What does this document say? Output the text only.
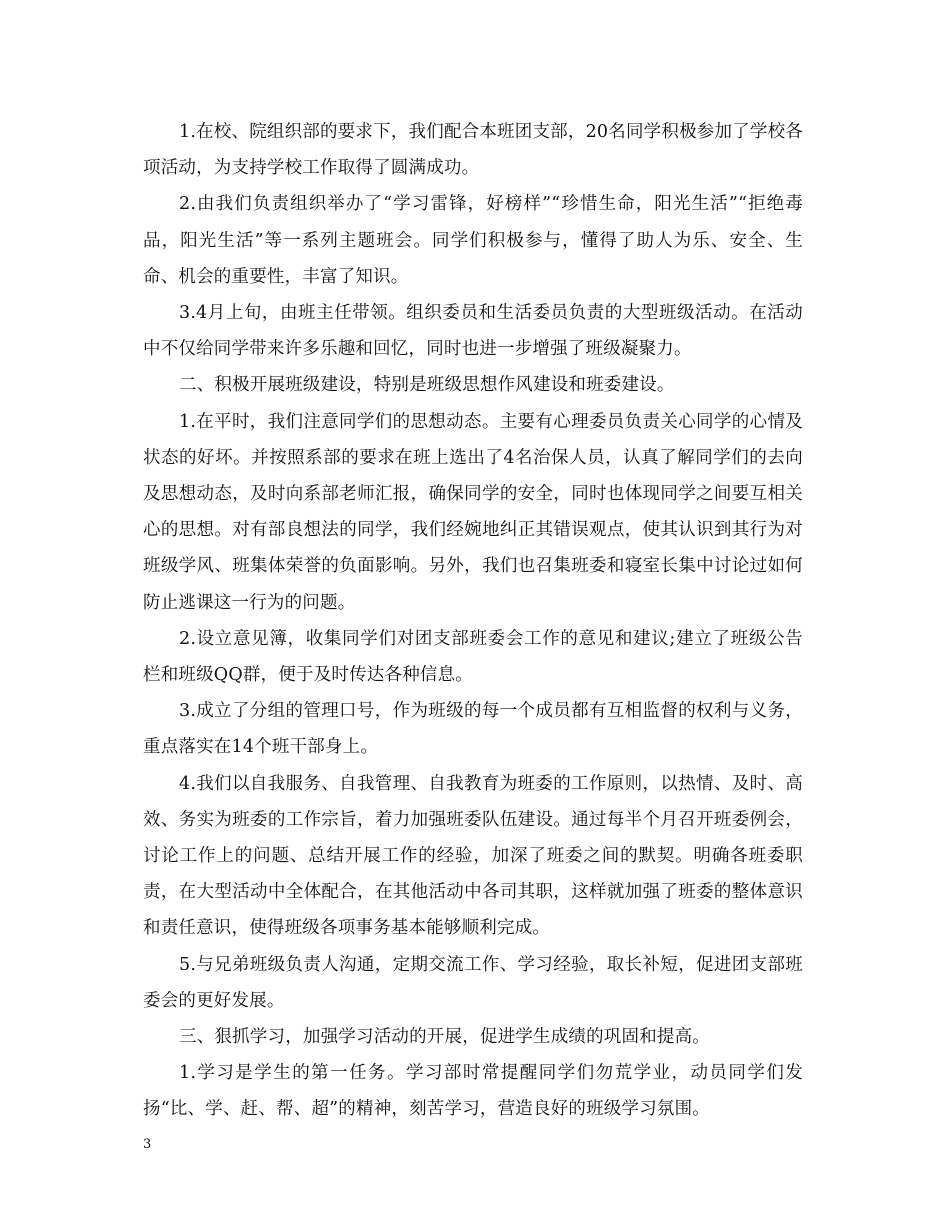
1.在校、院组织部的要求下，我们配合本班团支部，20名同学积极参加了学校各项活动，为支持学校工作取得了圆满成功。

2.由我们负责组织举办了“学习雷锋，好榜样”“珍惜生命，阳光生活”“拒绝毒品，阳光生活”等一系列主题班会。同学们积极参与，懂得了助人为乐、安全、生命、机会的重要性，丰富了知识。

3.4月上旬，由班主任带领。组织委员和生活委员负责的大型班级活动。在活动中不仅给同学带来许多乐趣和回忆，同时也进一步增强了班级凝聚力。

二、积极开展班级建设，特别是班级思想作风建设和班委建设。

1.在平时，我们注意同学们的思想动态。主要有心理委员负责关心同学的心情及状态的好坏。并按照系部的要求在班上选出了4名治保人员，认真了解同学们的去向及思想动态，及时向系部老师汇报，确保同学的安全，同时也体现同学之间要互相关心的思想。对有部良想法的同学，我们经婉地纠正其错误观点，使其认识到其行为对班级学风、班集体荣誉的负面影响。另外，我们也召集班委和寝室长集中讨论过如何防止逃课这一行为的问题。

2.设立意见簿，收集同学们对团支部班委会工作的意见和建议;建立了班级公告栏和班级QQ群，便于及时传达各种信息。

3.成立了分组的管理口号，作为班级的每一个成员都有互相监督的权利与义务，重点落实在14个班干部身上。

4.我们以自我服务、自我管理、自我教育为班委的工作原则，以热情、及时、高效、务实为班委的工作宗旨，着力加强班委队伍建设。通过每半个月召开班委例会，讨论工作上的问题、总结开展工作的经验，加深了班委之间的默契。明确各班委职责，在大型活动中全体配合，在其他活动中各司其职，这样就加强了班委的整体意识和责任意识，使得班级各项事务基本能够顺利完成。

5.与兄弟班级负责人沟通，定期交流工作、学习经验，取长补短，促进团支部班委会的更好发展。

三、狠抓学习，加强学习活动的开展，促进学生成绩的巩固和提高。

1.学习是学生的第一任务。学习部时常提醒同学们勿荒学业，动员同学们发扬“比、学、赶、帮、超”的精神，刻苦学习，营造良好的班级学习氛围。

3
